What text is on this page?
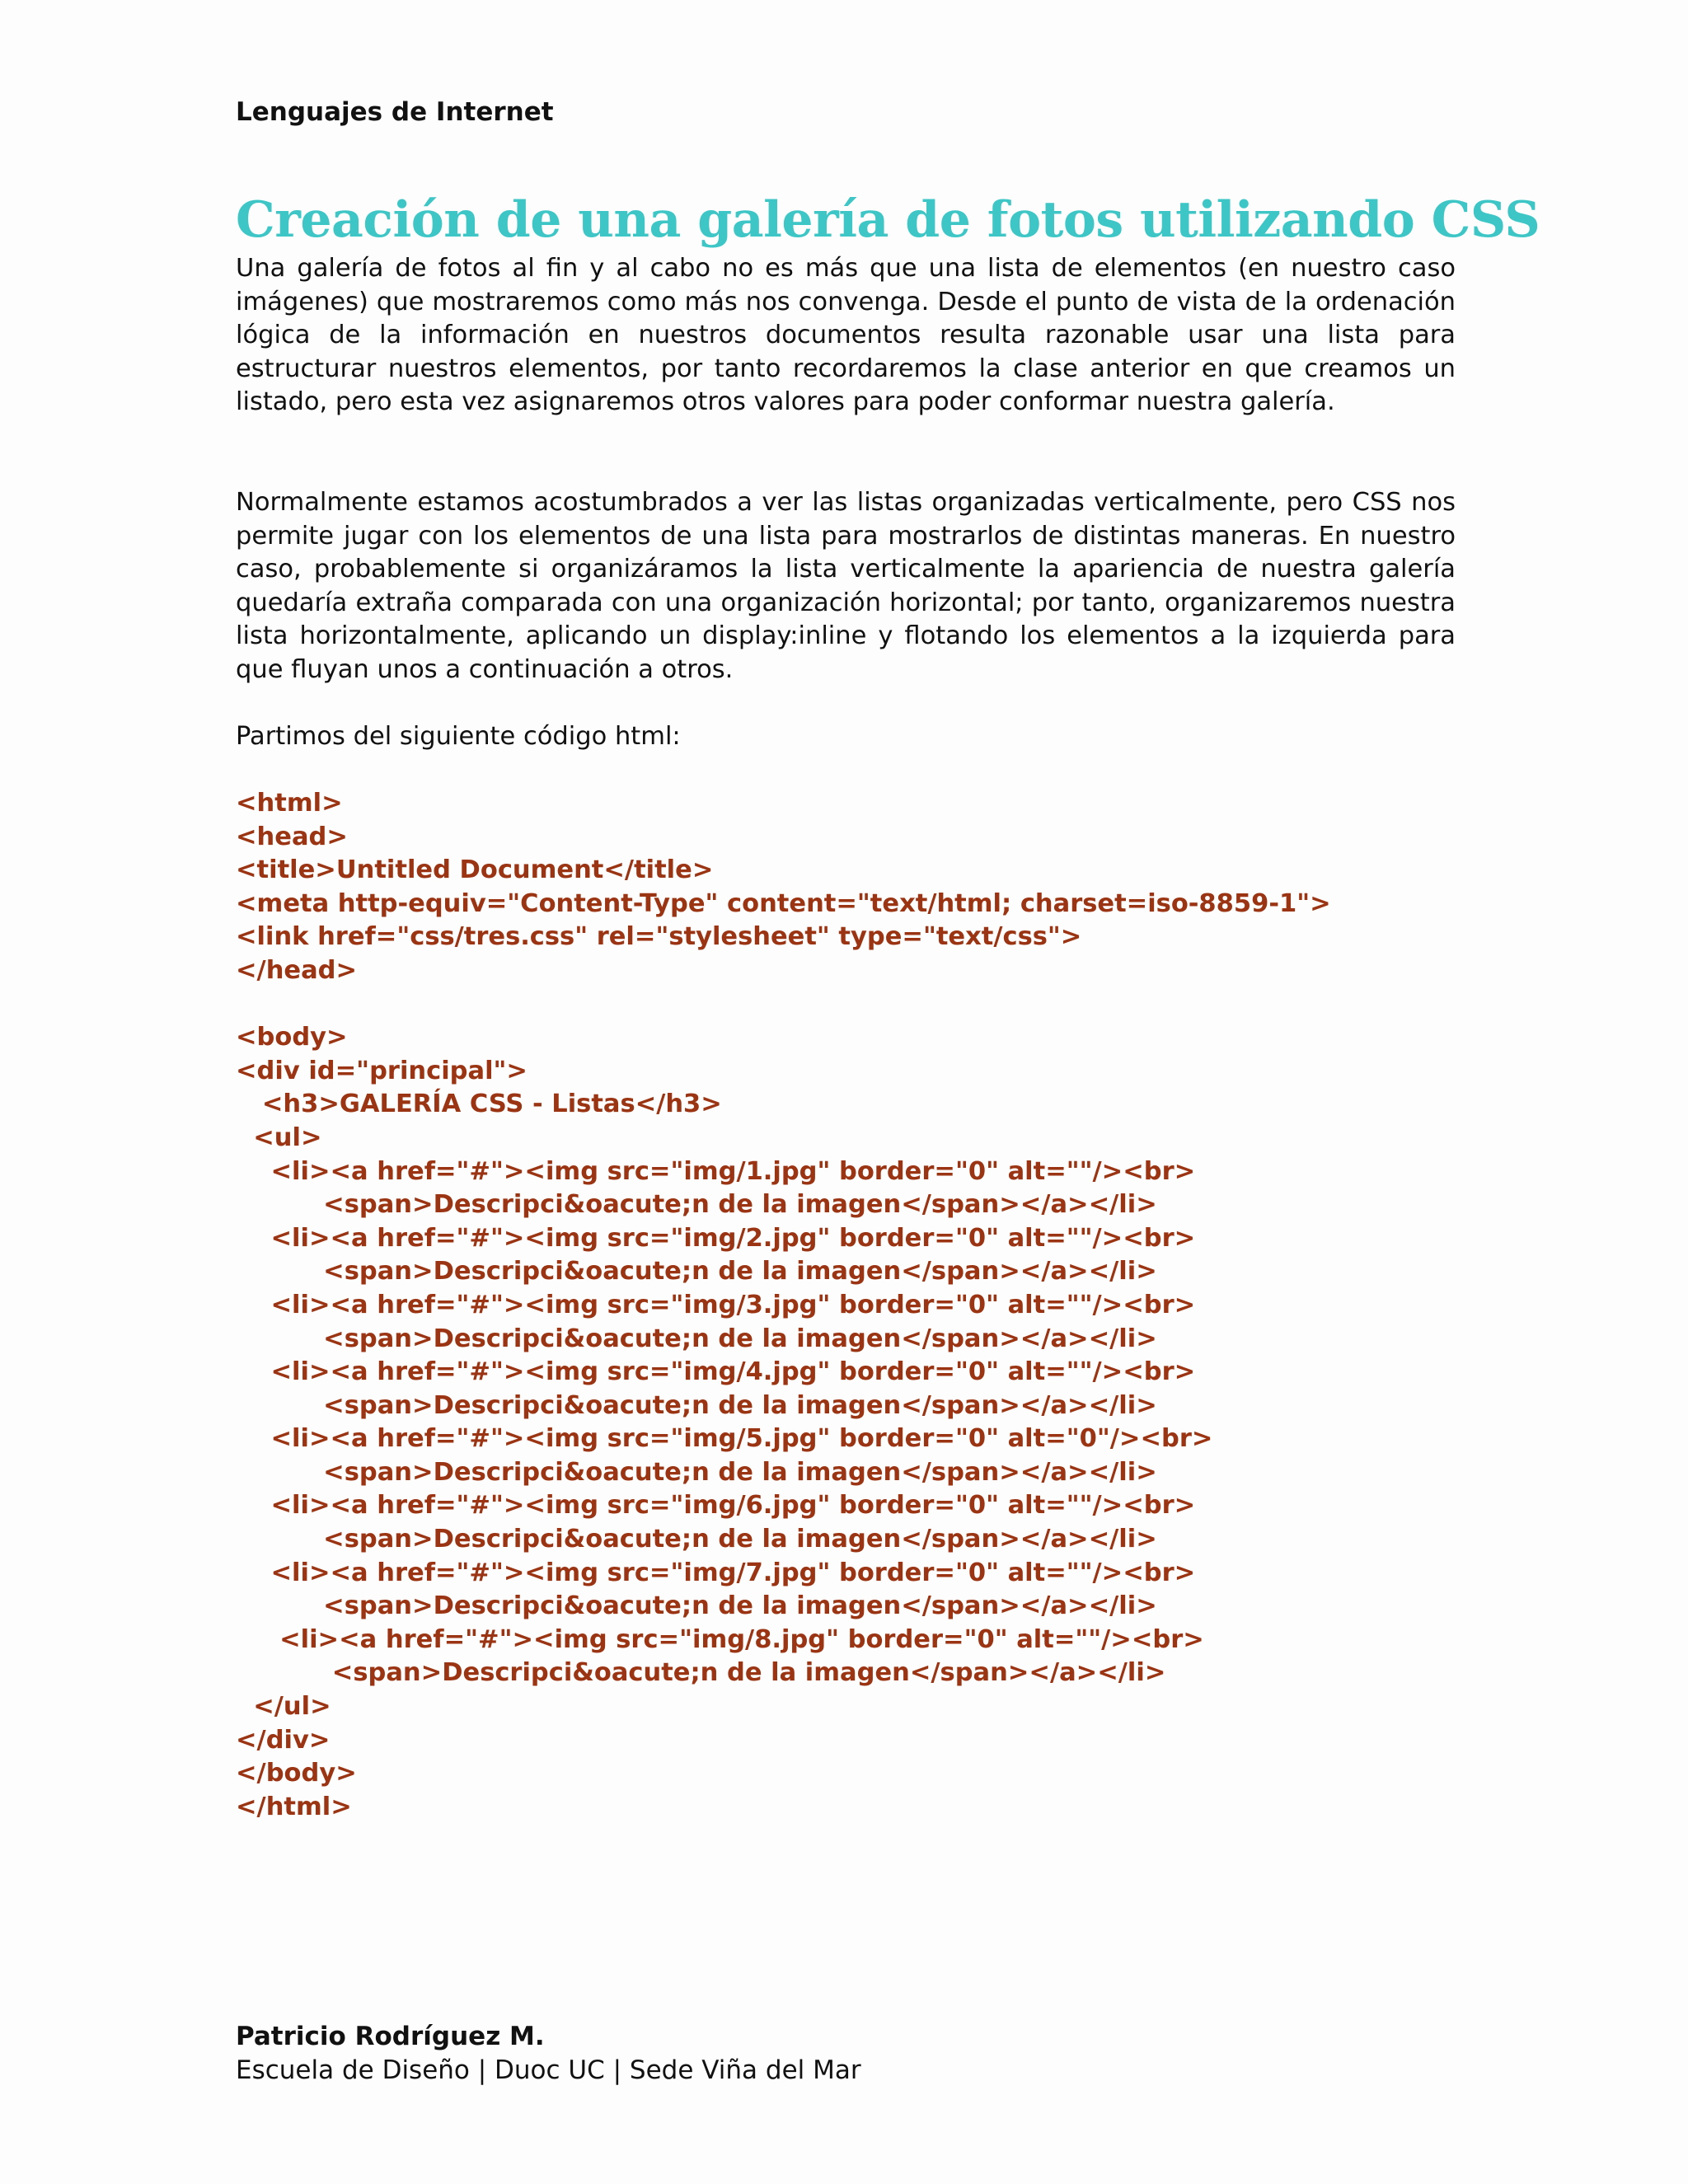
Lenguajes de Internet
Creación de una galería de fotos utilizando CSS
Una galería de fotos al fin y al cabo no es más que una lista de elementos (en nuestro caso imágenes) que mostraremos como más nos convenga. Desde el punto de vista de la ordenación lógica de la información en nuestros documentos resulta razonable usar una lista para estructurar nuestros elementos, por tanto recordaremos la clase anterior en que creamos un listado, pero esta vez asignaremos otros valores para poder conformar nuestra galería.
Normalmente estamos acostumbrados a ver las listas organizadas verticalmente, pero CSS nos permite jugar con los elementos de una lista para mostrarlos de distintas maneras. En nuestro caso, probablemente si organizáramos la lista verticalmente la apariencia de nuestra galería quedaría extraña comparada con una organización horizontal; por tanto, organizaremos nuestra lista horizontalmente, aplicando un display:inline y flotando los elementos a la izquierda para que fluyan unos a continuación a otros.
Partimos del siguiente código html:
<html>
<head>
<title>Untitled Document</title>
<meta http-equiv="Content-Type" content="text/html; charset=iso-8859-1">
<link href="css/tres.css" rel="stylesheet" type="text/css">
</head>
<body>
<div id="principal">
<h3>GALERÍA CSS - Listas</h3>
<ul>
<li><a href="#"><img src="img/1.jpg" border="0" alt=""/><br>
<span>Descripci&oacute;n de la imagen</span></a></li>
<li><a href="#"><img src="img/2.jpg" border="0" alt=""/><br>
<span>Descripci&oacute;n de la imagen</span></a></li>
<li><a href="#"><img src="img/3.jpg" border="0" alt=""/><br>
<span>Descripci&oacute;n de la imagen</span></a></li>
<li><a href="#"><img src="img/4.jpg" border="0" alt=""/><br>
<span>Descripci&oacute;n de la imagen</span></a></li>
<li><a href="#"><img src="img/5.jpg" border="0" alt="0"/><br>
<span>Descripci&oacute;n de la imagen</span></a></li>
<li><a href="#"><img src="img/6.jpg" border="0" alt=""/><br>
<span>Descripci&oacute;n de la imagen</span></a></li>
<li><a href="#"><img src="img/7.jpg" border="0" alt=""/><br>
<span>Descripci&oacute;n de la imagen</span></a></li>
<li><a href="#"><img src="img/8.jpg" border="0" alt=""/><br>
<span>Descripci&oacute;n de la imagen</span></a></li>
</ul>
</div>
</body>
</html>
Patricio Rodríguez M.
Escuela de Diseño | Duoc UC | Sede Viña del Mar
